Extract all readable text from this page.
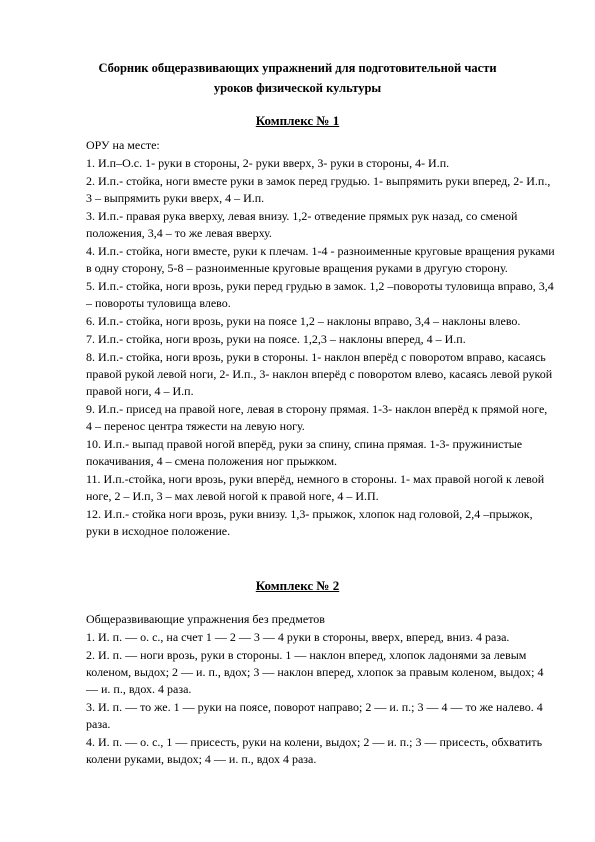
Сборник общеразвивающих упражнений для подготовительной части

уроков физической культуры

Комплекс № 1

ОРУ на месте:

1. И.п–О.с. 1- руки в стороны, 2- руки вверх, 3- руки в стороны, 4- И.п.

2. И.п.- стойка, ноги вместе руки в замок перед грудью. 1- выпрямить руки вперед, 2- И.п., 3 – выпрямить руки вверх, 4 – И.п.

3. И.п.- правая рука вверху, левая внизу. 1,2- отведение прямых рук назад, со сменой положения, 3,4 – то же левая вверху.

4. И.п.- стойка, ноги вместе, руки к плечам. 1-4 - разноименные круговые вращения руками в одну сторону, 5-8 – разноименные круговые вращения руками в другую сторону.

5. И.п.- стойка, ноги врозь, руки перед грудью в замок. 1,2 –повороты туловища вправо, 3,4 – повороты туловища влево.

6. И.п.- стойка, ноги врозь, руки на поясе 1,2 – наклоны вправо, 3,4 – наклоны влево.

7. И.п.- стойка, ноги врозь, руки на поясе. 1,2,3 – наклоны вперед, 4 – И.п.

8. И.п.- стойка, ноги врозь, руки в стороны. 1- наклон вперёд с поворотом вправо, касаясь правой рукой левой ноги, 2- И.п., 3- наклон вперёд с поворотом влево, касаясь левой рукой правой ноги, 4 – И.п.

9. И.п.- присед на правой ноге, левая в сторону прямая. 1-3- наклон вперёд к прямой ноге, 4 – перенос центра тяжести на левую ногу.

10. И.п.- выпад правой ногой вперёд, руки за спину, спина прямая. 1-3- пружинистые покачивания, 4 – смена положения ног прыжком.

11. И.п.-стойка, ноги врозь, руки вперёд, немного в стороны. 1- мах правой ногой к левой ноге, 2 – И.п, 3 – мах левой ногой к правой ноге, 4 – И.П.

12. И.п.- стойка ноги врозь, руки внизу. 1,3- прыжок, хлопок над головой, 2,4 –прыжок, руки в исходное положение.

Комплекс № 2

Общеразвивающие упражнения без предметов

1. И. п. — о. с., на счет 1 — 2 — 3 — 4 руки в стороны, вверх, вперед, вниз. 4 раза.

2. И. п. — ноги врозь, руки в стороны. 1 — наклон вперед, хлопок ладонями за левым коленом, выдох; 2 — и. п., вдох; 3 — наклон вперед, хлопок за правым коленом, выдох; 4 — и. п., вдох. 4 раза.

3. И. п. — то же. 1 — руки на поясе, поворот направо; 2 — и. п.; 3 — 4 — то же налево. 4 раза.

4. И. п. — о. с., 1 — присесть, руки на колени, выдох; 2 — и. п.; 3 — присесть, обхватить колени руками, выдох; 4 — и. п., вдох 4 раза.
